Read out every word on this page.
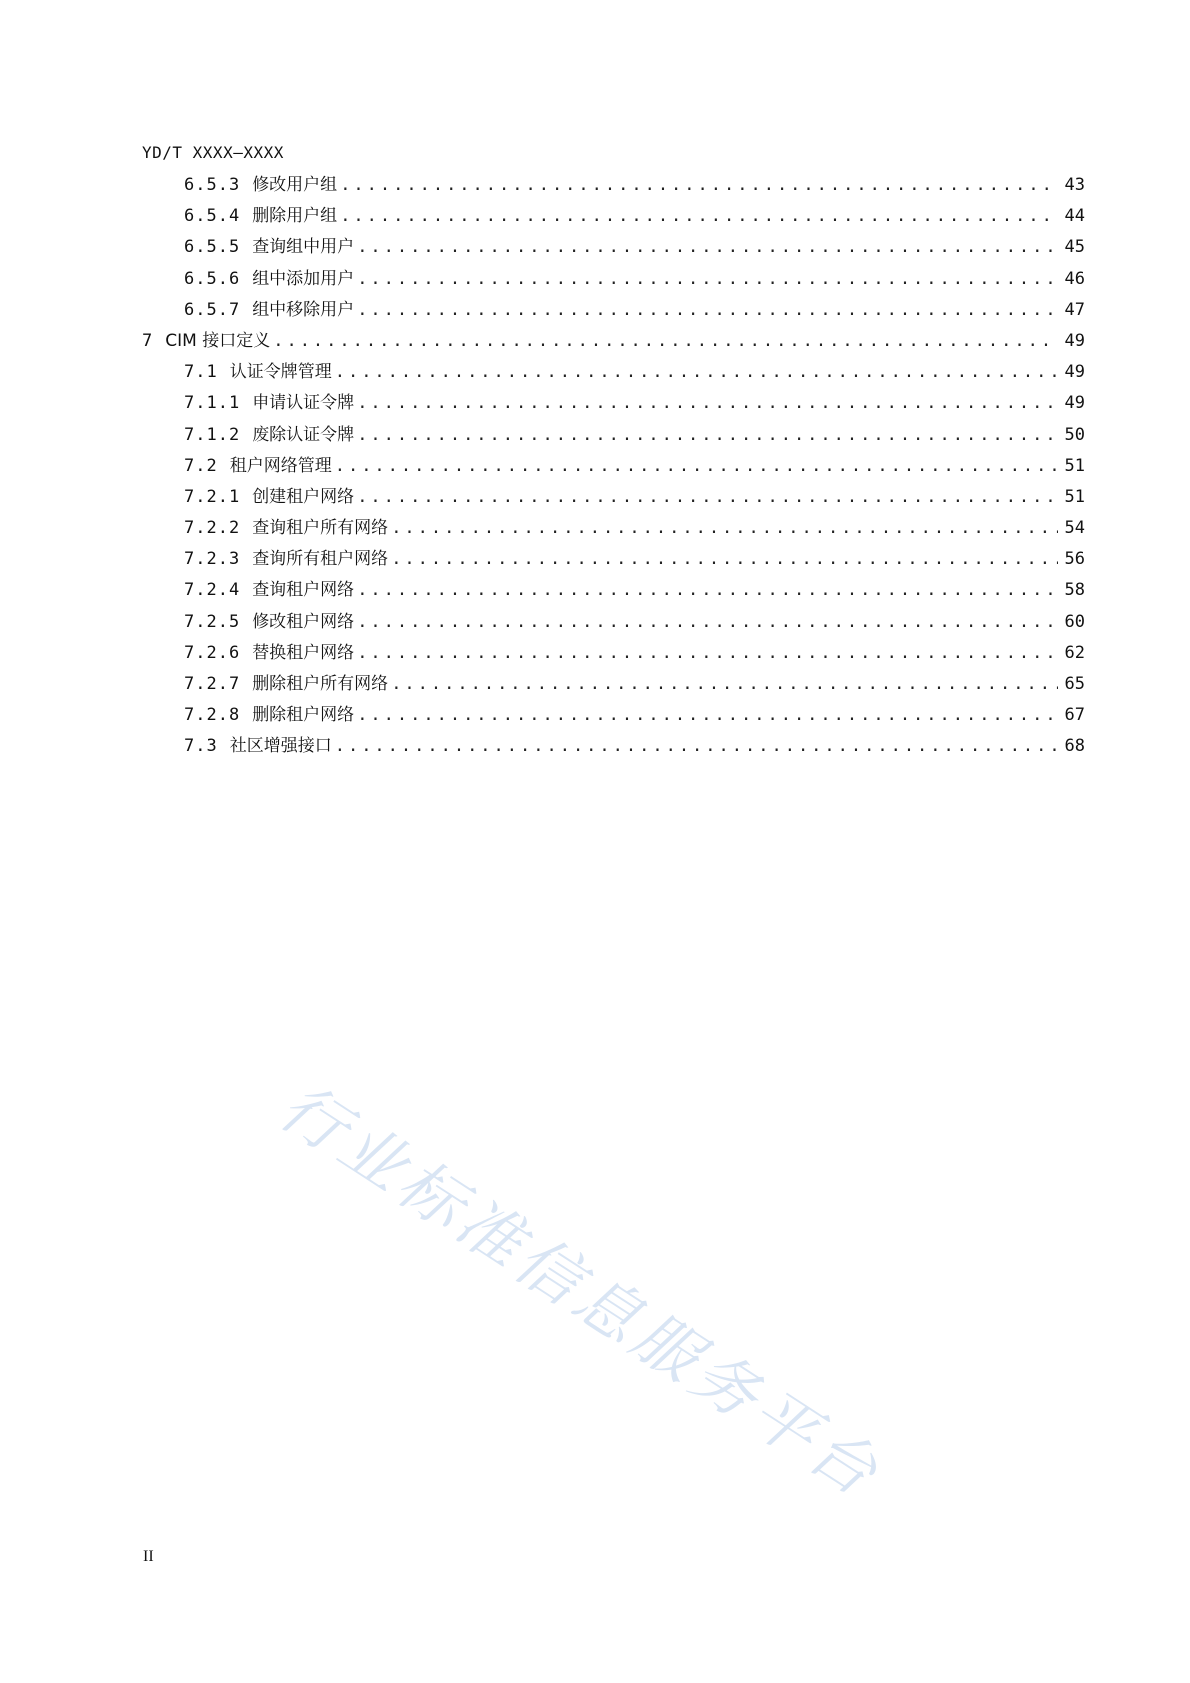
YD/T XXXX—XXXX
6.5.3 修改用户组 .....	43
6.5.4 删除用户组 .....	44
6.5.5 查询组中用户 .....	45
6.5.6 组中添加用户 .....	46
6.5.7 组中移除用户 .....	47
7 CIM 接口定义 .....	49
7.1 认证令牌管理 .....	49
7.1.1 申请认证令牌 .....	49
7.1.2 废除认证令牌 .....	50
7.2 租户网络管理 .....	51
7.2.1 创建租户网络 .....	51
7.2.2 查询租户所有网络 .....	54
7.2.3 查询所有租户网络 .....	56
7.2.4 查询租户网络 .....	58
7.2.5 修改租户网络 .....	60
7.2.6 替换租户网络 .....	62
7.2.7 删除租户所有网络 .....	65
7.2.8 删除租户网络 .....	67
7.3 社区增强接口 .....	68
行业标准信息服务平台
II
